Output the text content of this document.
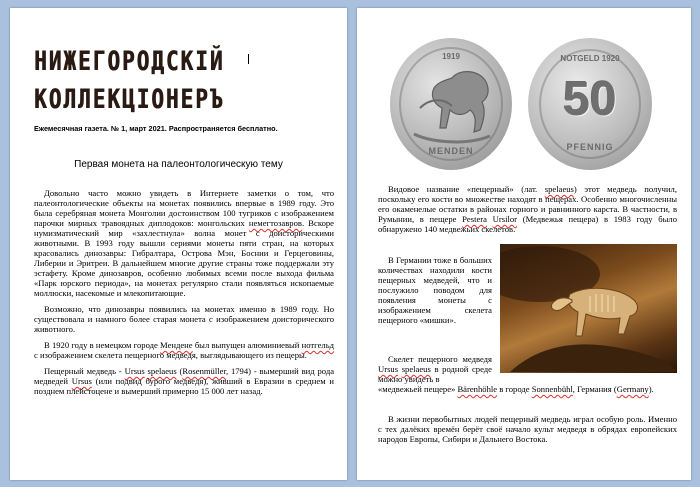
НИЖЕГОРОДСКIЙ
КОЛЛЕКЦIОНЕРЪ
Ежемесячная газета. № 1, март 2021. Распространяется бесплатно.
Первая монета на палеонтологическую тему

Довольно часто можно увидеть в Интернете заметки о том, что палеонтологические объекты на монетах появились впервые в 1989 году. Это была серебряная монета Монголии достоинством 100 тугриков с изображением парочки мирных травоядных диплодоков: монгольских немегтозавров. Вскоре нумизматический мир «захлестнула» волна монет с доисторическими животными. В 1993 году вышли сериями монеты пяти стран, на которых красовались динозавры: Гибралтара, Острова Мэн, Боснии и Герцеговины, Либерии и Эритреи. В дальнейшем многие другие страны тоже поддержали эту эстафету. Кроме динозавров, особенно любимых всеми после выхода фильма «Парк юрского периода», на монетах регулярно стали появляться ископаемые моллюски, насекомые и млекопитающие.

Возможно, что динозавры появились на монетах именно в 1989 году. Но существовала и намного более старая монета с изображением доисторического животного.

В 1920 году в немецком городе Мендене был выпущен алюминиевый нотгельд с изображением скелета пещерного медведя, выглядывающего из пещеры.

Пещерный медведь - Ursus spelaeus (Rosenmüller, 1794) - вымерший вид рода медведей Ursus (или подвид бурого медведя), живший в Евразии в среднем и позднем плейстоцене и вымерший примерно 15 000 лет назад.

1919
MENDEN
NOTGELD 1920
50
PFENNIG

Видовое название «пещерный» (лат. spelaeus) этот медведь получил, поскольку его кости во множестве находят в пещерах. Особенно многочисленны его окаменелые остатки в районах горного и равнинного карста. В частности, в Румынии, в пещере Pestera Ursilor (Медвежья пещера) в 1983 году было обнаружено 140 медвежьих скелетов.

В Германии тоже в больших количествах находили кости пещерных медведей, что и послужило поводом для появления монеты с изображением скелета пещерного «мишки».

Скелет пещерного медведя Ursus spelaeus в родной среде можно увидеть в

«медвежьей пещере» Bärenhöhle в городе Sonnenbühl, Германия (Germany).

В жизни первобытных людей пещерный медведь играл особую роль. Именно с тех далёких времён берёт своё начало культ медведя в обрядах европейских народов Европы, Сибири и Дальнего Востока.
